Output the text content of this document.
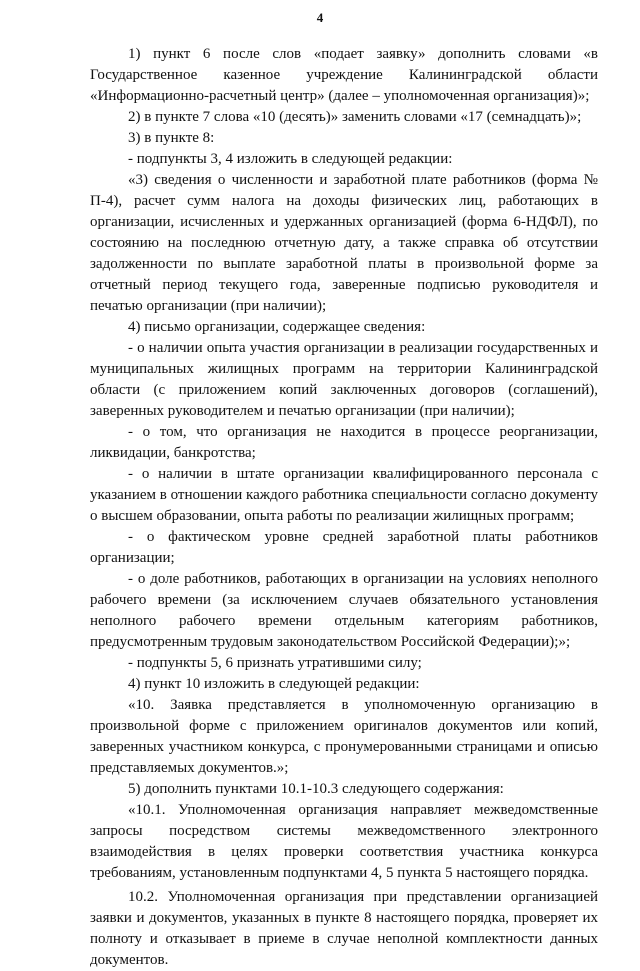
4

1) пункт 6 после слов «подает заявку» дополнить словами «в Государственное казенное учреждение Калининградской области «Информационно-расчетный центр» (далее – уполномоченная организация)»;

2) в пункте 7 слова «10 (десять)» заменить словами «17 (семнадцать)»;

3) в пункте 8:

- подпункты 3, 4 изложить в следующей редакции:

«3) сведения о численности и заработной плате работников (форма № П-4), расчет сумм налога на доходы физических лиц, работающих в организации, исчисленных и удержанных организацией (форма 6-НДФЛ), по состоянию на последнюю отчетную дату, а также справка об отсутствии задолженности по выплате заработной платы в произвольной форме за отчетный период текущего года, заверенные подписью руководителя и печатью организации (при наличии);

4) письмо организации, содержащее сведения:

- о наличии опыта участия организации в реализации государственных и муниципальных жилищных программ на территории Калининградской области (с приложением копий заключенных договоров (соглашений), заверенных руководителем и печатью организации (при наличии);

- о том, что организация не находится в процессе реорганизации, ликвидации, банкротства;

- о наличии в штате организации квалифицированного персонала с указанием в отношении каждого работника специальности согласно документу о высшем образовании, опыта работы по реализации жилищных программ;

- о фактическом уровне средней заработной платы работников организации;

- о доле работников, работающих в организации на условиях неполного рабочего времени (за исключением случаев обязательного установления неполного рабочего времени отдельным категориям работников, предусмотренным трудовым законодательством Российской Федерации);»;

- подпункты 5, 6 признать утратившими силу;

4) пункт 10 изложить в следующей редакции:

«10. Заявка представляется в уполномоченную организацию в произвольной форме с приложением оригиналов документов или копий, заверенных участником конкурса, с пронумерованными страницами и описью представляемых документов.»;

5) дополнить пунктами 10.1-10.3 следующего содержания:

«10.1. Уполномоченная организация направляет межведомственные запросы посредством системы межведомственного электронного взаимодействия в целях проверки соответствия участника конкурса требованиям, установленным подпунктами 4, 5 пункта 5 настоящего порядка.

10.2. Уполномоченная организация при представлении организацией заявки и документов, указанных в пункте 8 настоящего порядка, проверяет их полноту и отказывает в приеме в случае неполной комплектности данных документов.
